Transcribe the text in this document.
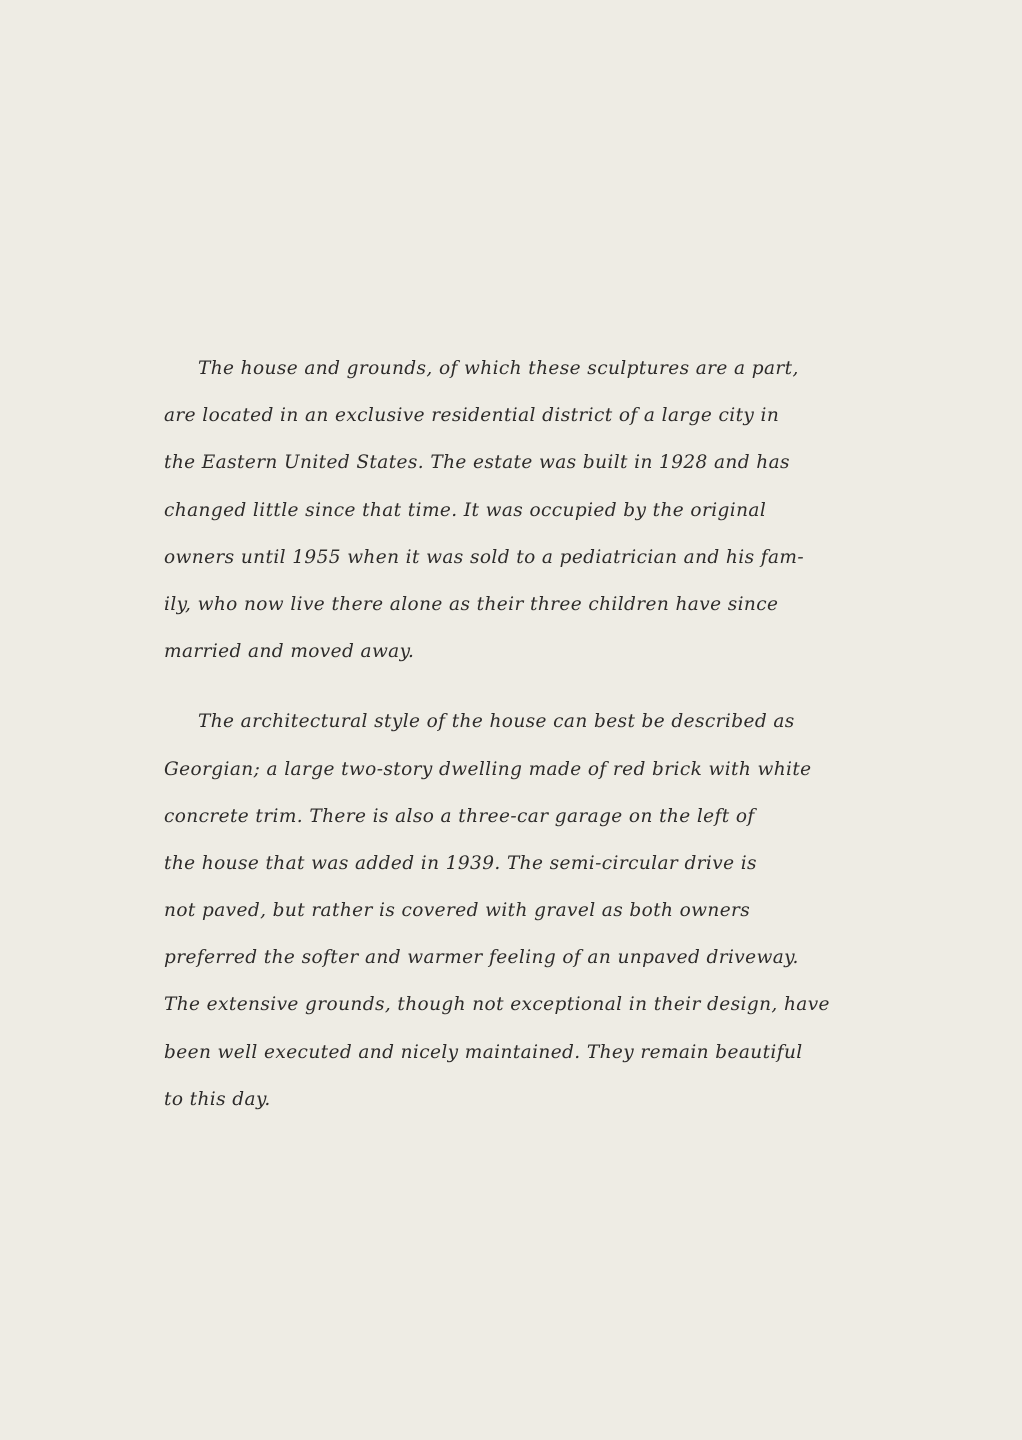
The house and grounds, of which these sculptures are a part,
are located in an exclusive residential district of a large city in
the Eastern United States. The estate was built in 1928 and has
changed little since that time. It was occupied by the original
owners until 1955 when it was sold to a pediatrician and his fam-
ily, who now live there alone as their three children have since
married and moved away.
The architectural style of the house can best be described as
Georgian; a large two-story dwelling made of red brick with white
concrete trim. There is also a three-car garage on the left of
the house that was added in 1939. The semi-circular drive is
not paved, but rather is covered with gravel as both owners
preferred the softer and warmer feeling of an unpaved driveway.
The extensive grounds, though not exceptional in their design, have
been well executed and nicely maintained. They remain beautiful
to this day.
